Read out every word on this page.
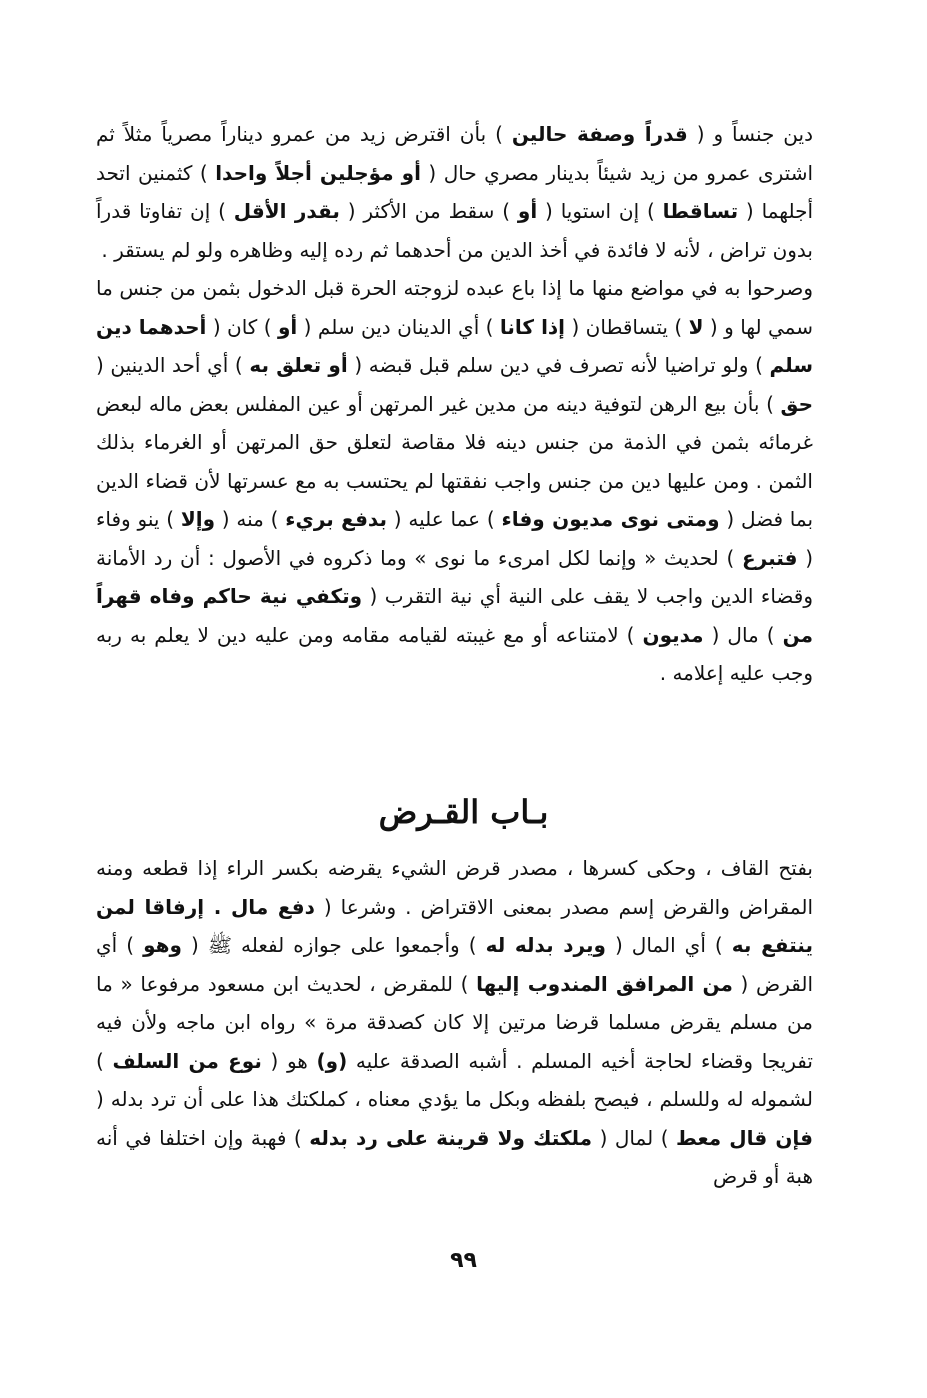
دين جنساً و ( قدراً وصفة حالين ) بأن اقترض زيد من عمرو ديناراً مصرياً مثلاً ثم اشترى عمرو من زيد شيئاً بدينار مصري حال ( أو مؤجلين أجلاً واحدا ) كثمنين اتحد أجلهما ( تساقطا ) إن استويا ( أو ) سقط من الأكثر ( بقدر الأقل ) إن تفاوتا قدراً بدون تراض ، لأنه لا فائدة في أخذ الدين من أحدهما ثم رده إليه وظاهره ولو لم يستقر .
وصرحوا به في مواضع منها ما إذا باع عبده لزوجته الحرة قبل الدخول بثمن من جنس ما سمي لها و ( لا ) يتساقطان ( إذا كانا ) أي الدينان دين سلم ( أو ) كان ( أحدهما دين سلم ) ولو تراضيا لأنه تصرف في دين سلم قبل قبضه ( أو تعلق به ) أي أحد الدينين ( حق ) بأن بيع الرهن لتوفية دينه من مدين غير المرتهن أو عين المفلس بعض ماله لبعض غرمائه بثمن في الذمة من جنس دينه فلا مقاصة لتعلق حق المرتهن أو الغرماء بذلك الثمن . ومن عليها دين من جنس واجب نفقتها لم يحتسب به مع عسرتها لأن قضاء الدين بما فضل ( ومتى نوى مديون وفاء ) عما عليه ( بدفع بريء ) منه ( وإلا ) ينو وفاء ( فتبرع ) لحديث « وإنما لكل امرىء ما نوى » وما ذكروه في الأصول : أن رد الأمانة وقضاء الدين واجب لا يقف على النية أي نية التقرب ( وتكفي نية حاكم وفاه قهراً من ) مال ( مديون ) لامتناعه أو مع غيبته لقيامه مقامه ومن عليه دين لا يعلم به ربه وجب عليه إعلامه .
بـاب القـرض
بفتح القاف ، وحكى كسرها ، مصدر قرض الشيء يقرضه بكسر الراء إذا قطعه ومنه المقراض والقرض إسم مصدر بمعنى الاقتراض . وشرعا ( دفع مال . إرفاقا لمن ينتفع به ) أي المال ( ويرد بدله له ) وأجمعوا على جوازه لفعله ﷺ ( وهو ) أي القرض ( من المرافق المندوب إليها ) للمقرض ، لحديث ابن مسعود مرفوعا « ما من مسلم يقرض مسلما قرضا مرتين إلا كان كصدقة مرة » رواه ابن ماجه ولأن فيه تفريجا وقضاء لحاجة أخيه المسلم . أشبه الصدقة عليه (و) هو ( نوع من السلف ) لشموله له وللسلم ، فيصح بلفظه وبكل ما يؤدي معناه ، كملكتك هذا على أن ترد بدله ( فإن قال معط ) لمال ( ملكتك ولا قرينة على رد بدله ) فهبة وإن اختلفا في أنه هبة أو قرض
٩٩
